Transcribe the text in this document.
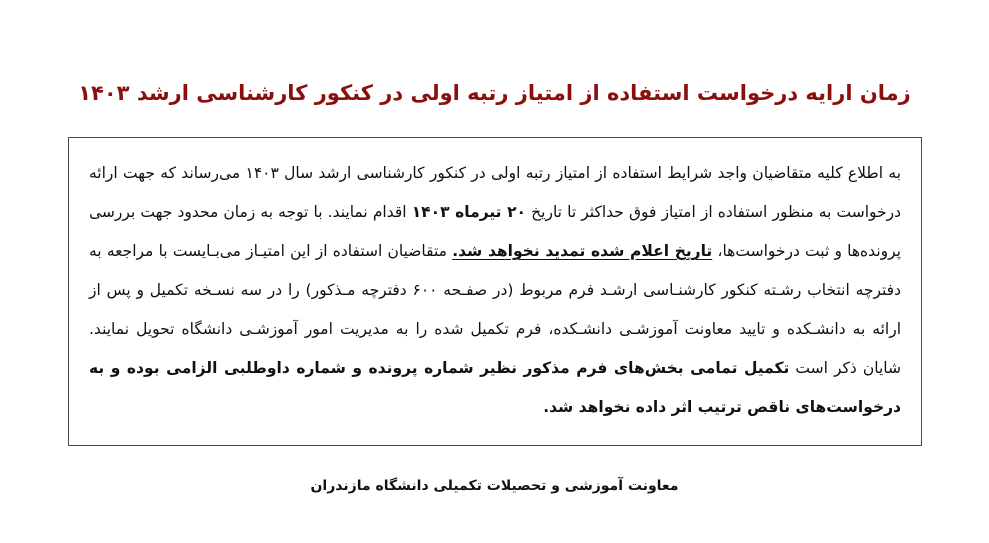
زمان ارایه درخواست استفاده از امتیاز رتبه اولی در کنکور کارشناسی ارشد ۱۴۰۳
به اطلاع کلیه متقاضیان واجد شرایط استفاده از امتیاز رتبه اولی در کنکور کارشناسی ارشد سال ۱۴۰۳ می‌رساند که جهت ارائه درخواست به منظور استفاده از امتیاز فوق حداکثر تا تاریخ ۲۰ تیرماه ۱۴۰۳ اقدام نمایند. با توجه به زمان محدود جهت بررسی پرونده‌ها و ثبت درخواست‌ها، تاریخ اعلام شده تمدید نخواهد شد. متقاضیان استفاده از این امتیـاز می‌بـایست با مراجعه به دفترچه انتخاب رشـته کنکور کارشنـاسی ارشـد فرم مربوط (در صفـحه ۶۰۰ دفترچه مـذکور) را در سه نسـخه تکمیل و پس از ارائه به دانشـکده و تایید معاونت آموزشـی دانشـکده، فرم تکمیل شده را به مدیریت امور آموزشـی دانشگاه تحویل نمایند. شایان ذکر است تکمیل تمامی بخش‌های فرم مذکور نظیر شماره پرونده و شماره داوطلبی الزامی بوده و به درخواست‌های ناقص ترتیب اثر داده نخواهد شد.
معاونت آموزشی و تحصیلات تکمیلی دانشگاه مازندران
